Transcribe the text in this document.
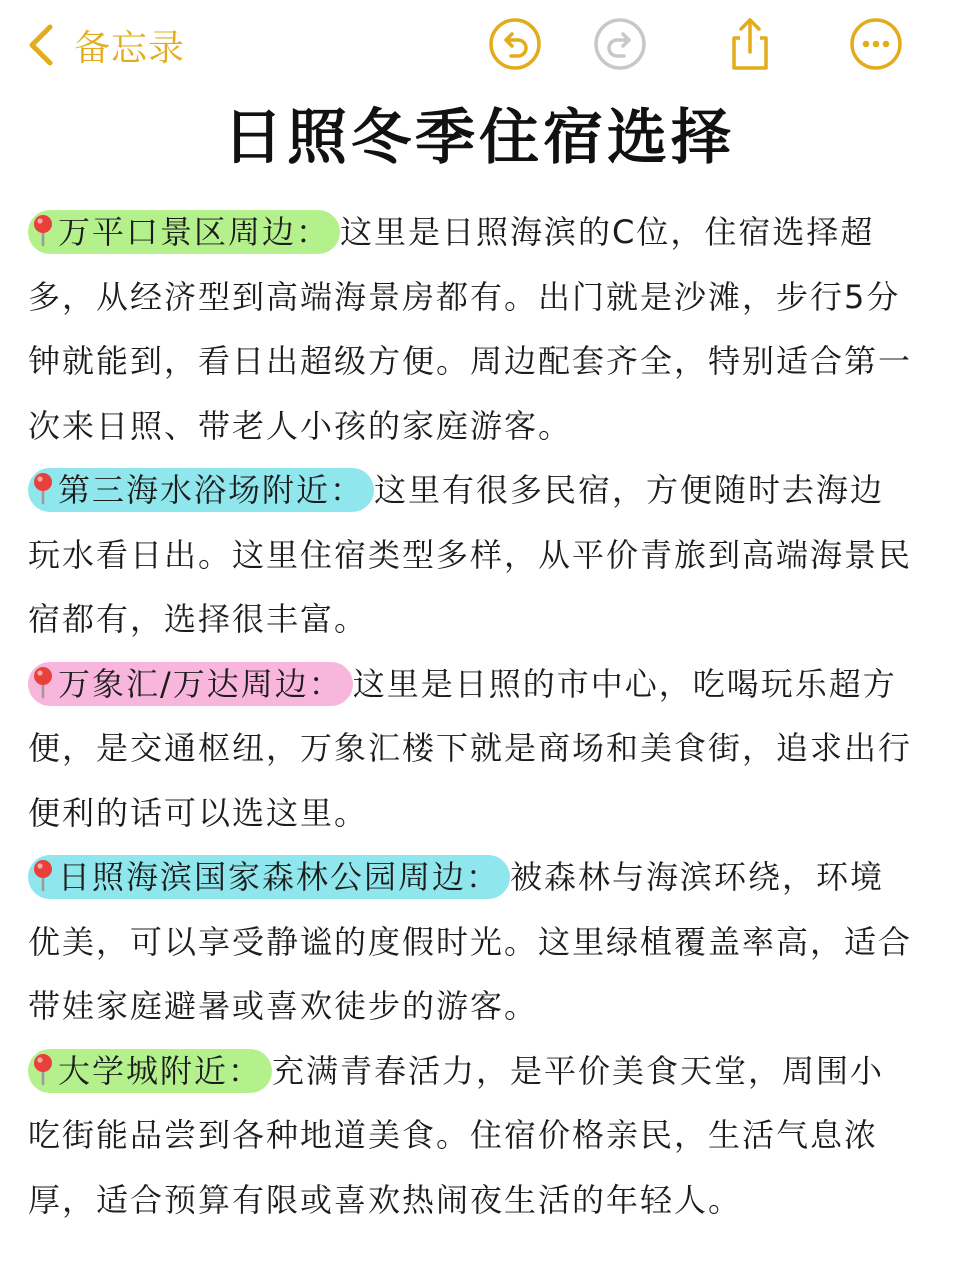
备忘录
日照冬季住宿选择
万平口景区周边： 这里是日照海滨的C位，住宿选择超多，从经济型到高端海景房都有。出门就是沙滩，步行5分钟就能到，看日出超级方便。周边配套齐全，特别适合第一次来日照、带老人小孩的家庭游客。
第三海水浴场附近： 这里有很多民宿，方便随时去海边玩水看日出。这里住宿类型多样，从平价青旅到高端海景民宿都有，选择很丰富。
万象汇/万达周边： 这里是日照的市中心，吃喝玩乐超方便，是交通枢纽，万象汇楼下就是商场和美食街，追求出行便利的话可以选这里。
日照海滨国家森林公园周边： 被森林与海滨环绕，环境优美，可以享受静谧的度假时光。这里绿植覆盖率高，适合带娃家庭避暑或喜欢徒步的游客。
大学城附近： 充满青春活力，是平价美食天堂，周围小吃街能品尝到各种地道美食。住宿价格亲民，生活气息浓厚，适合预算有限或喜欢热闹夜生活的年轻人。
